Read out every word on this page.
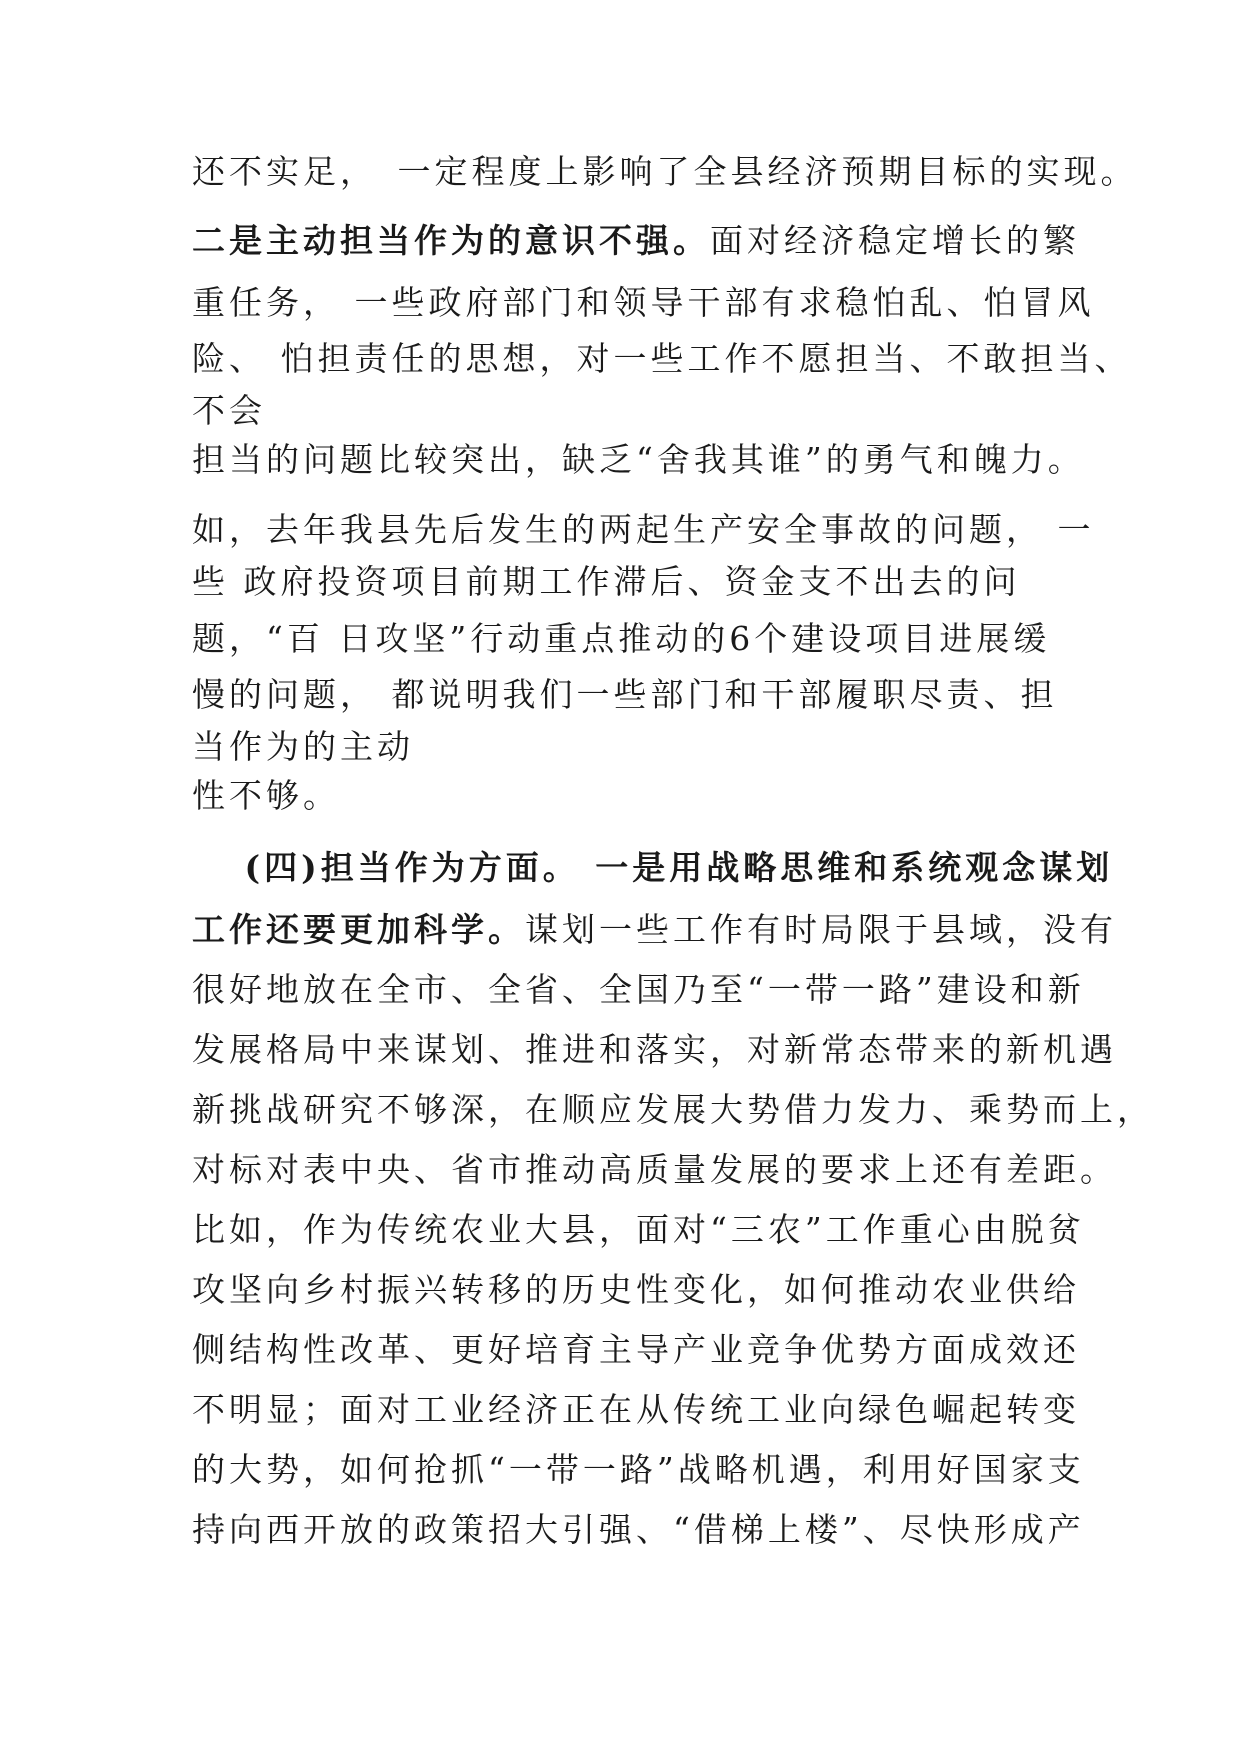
还不实足，　一定程度上影响了全县经济预期目标的实现。
二是主动担当作为的意识不强。面对经济稳定增长的繁
重任务， 一些政府部门和领导干部有求稳怕乱、怕冒风
险、 怕担责任的思想，对一些工作不愿担当、不敢担当、
不会
担当的问题比较突出，缺乏“舍我其谁”的勇气和魄力。
如，去年我县先后发生的两起生产安全事故的问题， 一
些 政府投资项目前期工作滞后、资金支不出去的问
题，“百 日攻坚”行动重点推动的6个建设项目进展缓
慢的问题， 都说明我们一些部门和干部履职尽责、担
当作为的主动
性不够。
　 (四)担当作为方面。 一是用战略思维和系统观念谋划
工作还要更加科学。谋划一些工作有时局限于县域，没有
很好地放在全市、全省、全国乃至“一带一路”建设和新
发展格局中来谋划、推进和落实，对新常态带来的新机遇
新挑战研究不够深，在顺应发展大势借力发力、乘势而上，
对标对表中央、省市推动高质量发展的要求上还有差距。
比如，作为传统农业大县，面对“三农”工作重心由脱贫
攻坚向乡村振兴转移的历史性变化，如何推动农业供给
侧结构性改革、更好培育主导产业竞争优势方面成效还
不明显；面对工业经济正在从传统工业向绿色崛起转变
的大势，如何抢抓“一带一路”战略机遇，利用好国家支
持向西开放的政策招大引强、“借梯上楼”、尽快形成产
